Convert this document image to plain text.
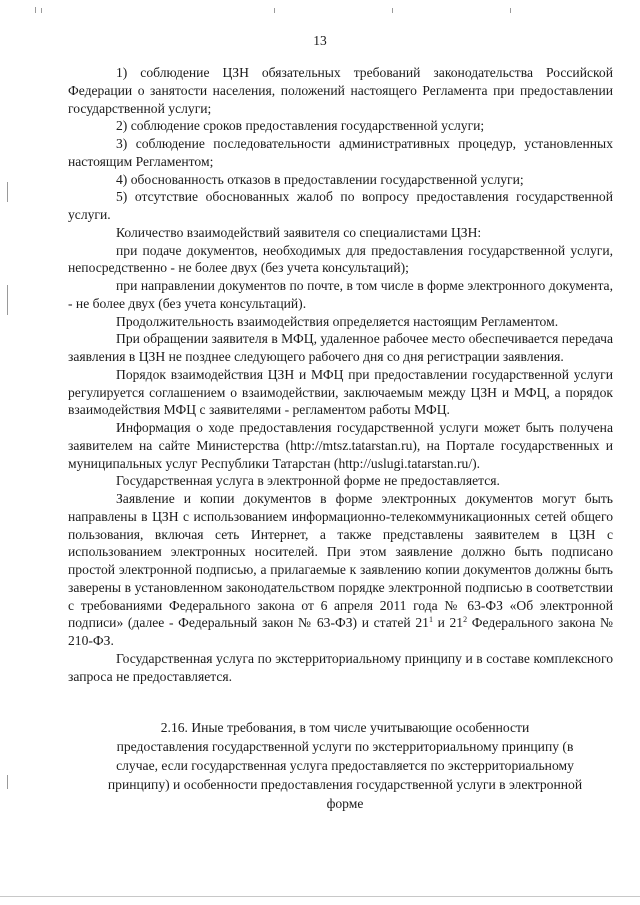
13

1) соблюдение ЦЗН обязательных требований законодательства Российской Федерации о занятости населения, положений настоящего Регламента при предоставлении государственной услуги;

2) соблюдение сроков предоставления государственной услуги;

3) соблюдение последовательности административных процедур, установленных настоящим Регламентом;

4) обоснованность отказов в предоставлении государственной услуги;

5) отсутствие обоснованных жалоб по вопросу предоставления государственной услуги.

Количество взаимодействий заявителя со специалистами ЦЗН:

при подаче документов, необходимых для предоставления государственной услуги, непосредственно - не более двух (без учета консультаций);

при направлении документов по почте, в том числе в форме электронного документа, - не более двух (без учета консультаций).

Продолжительность взаимодействия определяется настоящим Регламентом.

При обращении заявителя в МФЦ, удаленное рабочее место обеспечивается передача заявления в ЦЗН не позднее следующего рабочего дня со дня регистрации заявления.

Порядок взаимодействия ЦЗН и МФЦ при предоставлении государственной услуги регулируется соглашением о взаимодействии, заключаемым между ЦЗН и МФЦ, а порядок взаимодействия МФЦ с заявителями - регламентом работы МФЦ.

Информация о ходе предоставления государственной услуги может быть получена заявителем на сайте Министерства (http://mtsz.tatarstan.ru), на Портале государственных и муниципальных услуг Республики Татарстан (http://uslugi.tatarstan.ru/).

Государственная услуга в электронной форме не предоставляется.

Заявление и копии документов в форме электронных документов могут быть направлены в ЦЗН с использованием информационно-телекоммуникационных сетей общего пользования, включая сеть Интернет, а также представлены заявителем в ЦЗН с использованием электронных носителей. При этом заявление должно быть подписано простой электронной подписью, а прилагаемые к заявлению копии документов должны быть заверены в установленном законодательством порядке электронной подписью в соответствии с требованиями Федерального закона от 6 апреля 2011 года № 63-ФЗ «Об электронной подписи» (далее - Федеральный закон № 63-ФЗ) и статей $21^1$ и $21^2$ Федерального закона № 210-ФЗ.

Государственная услуга по экстерриториальному принципу и в составе комплексного запроса не предоставляется.

2.16. Иные требования, в том числе учитывающие особенности
предоставления государственной услуги по экстерриториальному принципу (в
случае, если государственная услуга предоставляется по экстерриториальному
принципу) и особенности предоставления государственной услуги в электронной
форме
